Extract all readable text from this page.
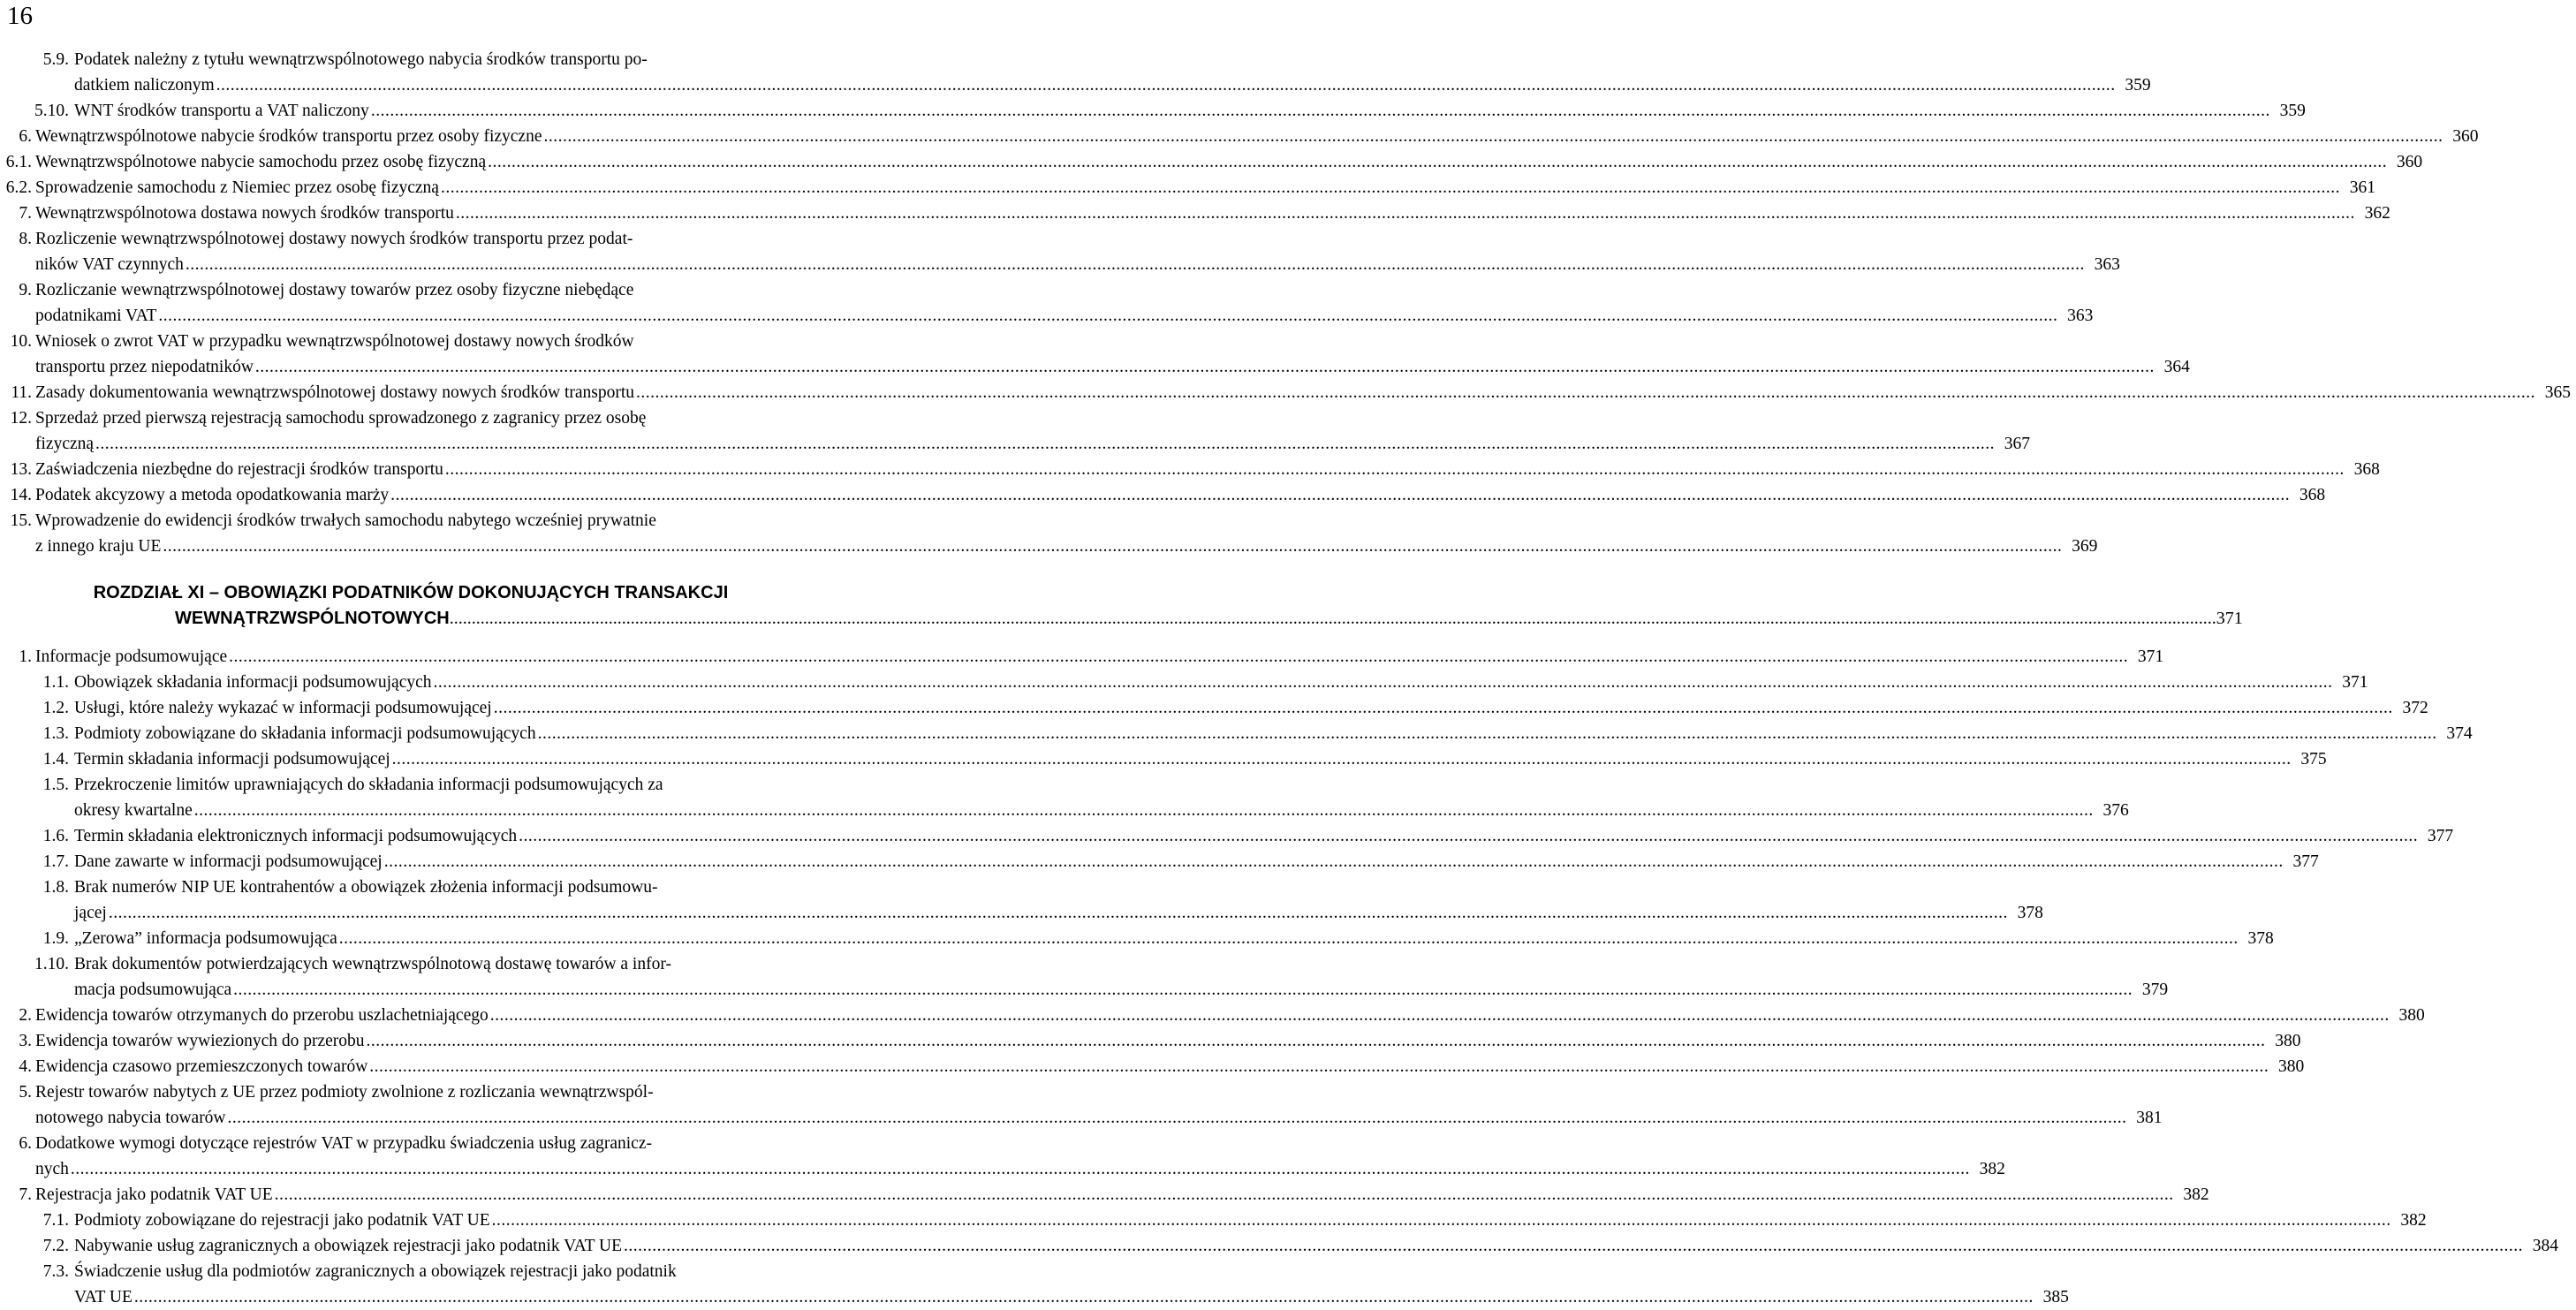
16
5.9. Podatek należny z tytułu wewnątrzwspólnotowego nabycia środków transportu po-
datkiem naliczonym ................................................................................................................................................................................................................................................................................................................................................................................................................ 359
5.10. WNT środków transportu a VAT naliczony ................................................................................................................................................................................................................................................................................................................................................................................................................ 359
6. Wewnątrzwspólnotowe nabycie środków transportu przez osoby fizyczne ................................................................................................................................................................................................................................................................................................................................................................................................................ 360
6.1. Wewnątrzwspólnotowe nabycie samochodu przez osobę fizyczną ................................................................................................................................................................................................................................................................................................................................................................................................................ 360
6.2. Sprowadzenie samochodu z Niemiec przez osobę fizyczną ................................................................................................................................................................................................................................................................................................................................................................................................................ 361
7. Wewnątrzwspólnotowa dostawa nowych środków transportu ................................................................................................................................................................................................................................................................................................................................................................................................................ 362
8. Rozliczenie wewnątrzwspólnotowej dostawy nowych środków transportu przez podat-
ników VAT czynnych ................................................................................................................................................................................................................................................................................................................................................................................................................ 363
9. Rozliczanie wewnątrzwspólnotowej dostawy towarów przez osoby fizyczne niebędące
podatnikami VAT ................................................................................................................................................................................................................................................................................................................................................................................................................ 363
10. Wniosek o zwrot VAT w przypadku wewnątrzwspólnotowej dostawy nowych środków
transportu przez niepodatników ................................................................................................................................................................................................................................................................................................................................................................................................................ 364
11. Zasady dokumentowania wewnątrzwspólnotowej dostawy nowych środków transportu ................................................................................................................................................................................................................................................................................................................................................................................................................ 365
12. Sprzedaż przed pierwszą rejestracją samochodu sprowadzonego z zagranicy przez osobę
fizyczną ................................................................................................................................................................................................................................................................................................................................................................................................................ 367
13. Zaświadczenia niezbędne do rejestracji środków transportu ................................................................................................................................................................................................................................................................................................................................................................................................................ 368
14. Podatek akcyzowy a metoda opodatkowania marży ................................................................................................................................................................................................................................................................................................................................................................................................................ 368
15. Wprowadzenie do ewidencji środków trwałych samochodu nabytego wcześniej prywatnie
z innego kraju UE ................................................................................................................................................................................................................................................................................................................................................................................................................ 369
ROZDZIAŁ XI – OBOWIĄZKI PODATNIKÓW DOKONUJĄCYCH TRANSAKCJI
WEWNĄTRZWSPÓLNOTOWYCH ................................................................................................................................................................................................................................................................................................................................................................................................................ 371
1. Informacje podsumowujące ................................................................................................................................................................................................................................................................................................................................................................................................................ 371
1.1. Obowiązek składania informacji podsumowujących ................................................................................................................................................................................................................................................................................................................................................................................................................ 371
1.2. Usługi, które należy wykazać w informacji podsumowującej ................................................................................................................................................................................................................................................................................................................................................................................................................ 372
1.3. Podmioty zobowiązane do składania informacji podsumowujących ................................................................................................................................................................................................................................................................................................................................................................................................................ 374
1.4. Termin składania informacji podsumowującej ................................................................................................................................................................................................................................................................................................................................................................................................................ 375
1.5. Przekroczenie limitów uprawniających do składania informacji podsumowujących za
okresy kwartalne ................................................................................................................................................................................................................................................................................................................................................................................................................ 376
1.6. Termin składania elektronicznych informacji podsumowujących ................................................................................................................................................................................................................................................................................................................................................................................................................ 377
1.7. Dane zawarte w informacji podsumowującej ................................................................................................................................................................................................................................................................................................................................................................................................................ 377
1.8. Brak numerów NIP UE kontrahentów a obowiązek złożenia informacji podsumowu-
jącej ................................................................................................................................................................................................................................................................................................................................................................................................................ 378
1.9. „Zerowa” informacja podsumowująca ................................................................................................................................................................................................................................................................................................................................................................................................................ 378
1.10. Brak dokumentów potwierdzających wewnątrzwspólnotową dostawę towarów a infor-
macja podsumowująca ................................................................................................................................................................................................................................................................................................................................................................................................................ 379
2. Ewidencja towarów otrzymanych do przerobu uszlachetniającego ................................................................................................................................................................................................................................................................................................................................................................................................................ 380
3. Ewidencja towarów wywiezionych do przerobu ................................................................................................................................................................................................................................................................................................................................................................................................................ 380
4. Ewidencja czasowo przemieszczonych towarów ................................................................................................................................................................................................................................................................................................................................................................................................................ 380
5. Rejestr towarów nabytych z UE przez podmioty zwolnione z rozliczania wewnątrzwspól-
notowego nabycia towarów ................................................................................................................................................................................................................................................................................................................................................................................................................ 381
6. Dodatkowe wymogi dotyczące rejestrów VAT w przypadku świadczenia usług zagranicz-
nych ................................................................................................................................................................................................................................................................................................................................................................................................................ 382
7. Rejestracja jako podatnik VAT UE ................................................................................................................................................................................................................................................................................................................................................................................................................ 382
7.1. Podmioty zobowiązane do rejestracji jako podatnik VAT UE ................................................................................................................................................................................................................................................................................................................................................................................................................ 382
7.2. Nabywanie usług zagranicznych a obowiązek rejestracji jako podatnik VAT UE ................................................................................................................................................................................................................................................................................................................................................................................................................ 384
7.3. Świadczenie usług dla podmiotów zagranicznych a obowiązek rejestracji jako podatnik
VAT UE ................................................................................................................................................................................................................................................................................................................................................................................................................ 385
